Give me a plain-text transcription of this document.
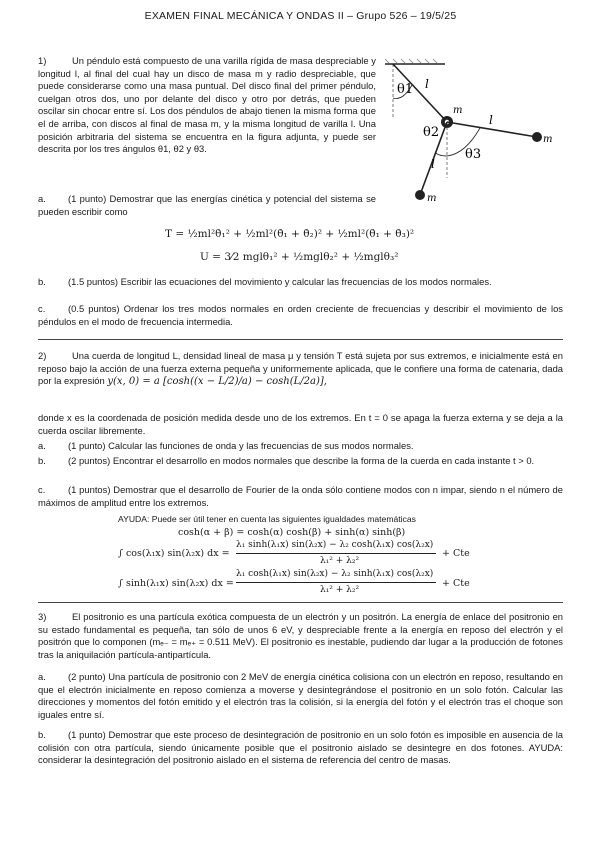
EXAMEN FINAL MECÁNICA Y ONDAS II – Grupo 526 – 19/5/25
1)	Un péndulo está compuesto de una varilla rígida de masa despreciable y longitud l, al final del cual hay un disco de masa m y radio despreciable, que puede considerarse como una masa puntual. Del disco final del primer péndulo, cuelgan otros dos, uno por delante del disco y otro por detrás, que pueden oscilar sin chocar entre sí. Los dos péndulos de abajo tienen la misma forma que el de arriba, con discos al final de masa m, y la misma longitud de varilla l. Una posición arbitraria del sistema se encuentra en la figura adjunta, y puede ser descrita por los tres ángulos θ1, θ2 y θ3.
θ1
θ2
θ3
l
l
l
m
m
m
a. (1 punto) Demostrar que las energías cinética y potencial del sistema se pueden escribir como
T = ½ml²θ̇₁² + ½ml²(θ̇₁ + θ̇₂)² + ½ml²(θ̇₁ + θ̇₃)²
U = 3⁄2 mglθ₁² + ½mglθ₂² + ½mglθ₃²
b. (1.5 puntos) Escribir las ecuaciones del movimiento y calcular las frecuencias de los modos normales.
c. (0.5 puntos) Ordenar los tres modos normales en orden creciente de frecuencias y describir el movimiento de los péndulos en el modo de frecuencia intermedia.
2)	Una cuerda de longitud L, densidad lineal de masa μ y tensión T está sujeta por sus extremos, e inicialmente está en reposo bajo la acción de una fuerza externa pequeña y uniformemente aplicada, que le confiere una forma de catenaria, dada por la expresión y(x, 0) = a [cosh((x − L/2)/a) − cosh(L/2a)],
donde x es la coordenada de posición medida desde uno de los extremos. En t = 0 se apaga la fuerza externa y se deja a la cuerda oscilar libremente.
a. (1 punto) Calcular las funciones de onda y las frecuencias de sus modos normales.
b. (2 puntos) Encontrar el desarrollo en modos normales que describe la forma de la cuerda en cada instante t > 0.
c. (1 puntos) Demostrar que el desarrollo de Fourier de la onda sólo contiene modos con n impar, siendo n el número de máximos de amplitud entre los extremos.
AYUDA: Puede ser útil tener en cuenta las siguientes igualdades matemáticas
cosh(α + β) = cosh(α) cosh(β) + sinh(α) sinh(β)
∫ cos(λ₁x) sin(λ₂x) dx =
λ₁ sinh(λ₁x) sin(λ₂x) − λ₂ cosh(λ₁x) cos(λ₂x)
λ₁² + λ₂²
+ Cte
∫ sinh(λ₁x) sin(λ₂x) dx =
λ₁ cosh(λ₁x) sin(λ₂x) − λ₂ sinh(λ₁x) cos(λ₂x)
λ₁² + λ₂²
+ Cte
3)	El positronio es una partícula exótica compuesta de un electrón y un positrón. La energía de enlace del positronio en su estado fundamental es pequeña, tan sólo de unos 6 eV, y despreciable frente a la energía en reposo del electrón y el positrón que lo componen (mₑ₋ = mₑ₊ = 0.511 MeV). El positronio es inestable, pudiendo dar lugar a la producción de fotones tras la aniquilación partícula-antipartícula.
a. (2 punto) Una partícula de positronio con 2 MeV de energía cinética colisiona con un electrón en reposo, resultando en que el electrón inicialmente en reposo comienza a moverse y desintegrándose el positronio en un solo fotón. Calcular las direcciones y momentos del fotón emitido y el electrón tras la colisión, si la energía del fotón y el electrón tras el choque son iguales entre sí.
b. (1 punto) Demostrar que este proceso de desintegración de positronio en un solo fotón es imposible en ausencia de la colisión con otra partícula, siendo únicamente posible que el positronio aislado se desintegre en dos fotones. AYUDA: considerar la desintegración del positronio aislado en el sistema de referencia del centro de masas.
